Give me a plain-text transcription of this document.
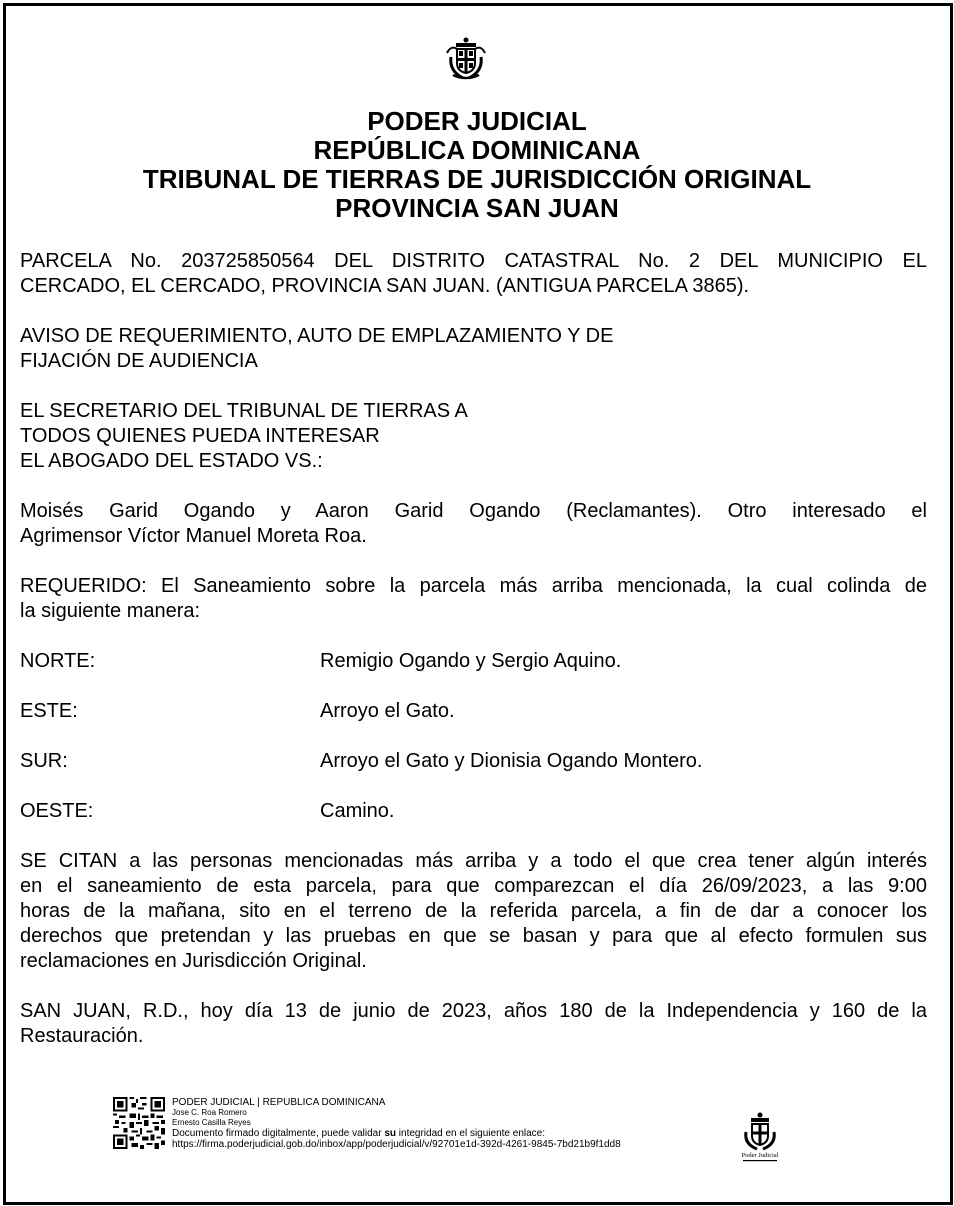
PODER JUDICIAL
REPÚBLICA DOMINICANA
TRIBUNAL DE TIERRAS DE JURISDICCIÓN ORIGINAL
PROVINCIA SAN JUAN
PARCELA No. 203725850564 DEL DISTRITO CATASTRAL No. 2 DEL MUNICIPIO EL
CERCADO, EL CERCADO, PROVINCIA SAN JUAN. (ANTIGUA PARCELA 3865).
AVISO DE REQUERIMIENTO, AUTO DE EMPLAZAMIENTO Y DE
FIJACIÓN DE AUDIENCIA
EL SECRETARIO DEL TRIBUNAL DE TIERRAS A
TODOS QUIENES PUEDA INTERESAR
EL ABOGADO DEL ESTADO VS.:
Moisés Garid Ogando y Aaron Garid Ogando (Reclamantes). Otro interesado el
Agrimensor Víctor Manuel Moreta Roa.
REQUERIDO: El Saneamiento sobre la parcela más arriba mencionada, la cual colinda de
la siguiente manera:
NORTE:	Remigio Ogando y Sergio Aquino.
ESTE:	Arroyo el Gato.
SUR:	Arroyo el Gato y Dionisia Ogando Montero.
OESTE:	Camino.
SE CITAN a las personas mencionadas más arriba y a todo el que crea tener algún interés
en el saneamiento de esta parcela, para que comparezcan el día 26/09/2023, a las 9:00
horas de la mañana, sito en el terreno de la referida parcela, a fin de dar a conocer los
derechos que pretendan y las pruebas en que se basan y para que al efecto formulen sus
reclamaciones en Jurisdicción Original.
SAN JUAN, R.D., hoy día 13 de junio de 2023, años 180 de la Independencia y 160 de la
Restauración.
PODER JUDICIAL | REPUBLICA DOMINICANA
Jose C. Roa Romero
Ernesto Casilla Reyes
Documento firmado digitalmente, puede validar su integridad en el siguiente enlace:
https://firma.poderjudicial.gob.do/inbox/app/poderjudicial/v/92701e1d-392d-4261-9845-7bd21b9f1dd8
Poder Judicial
